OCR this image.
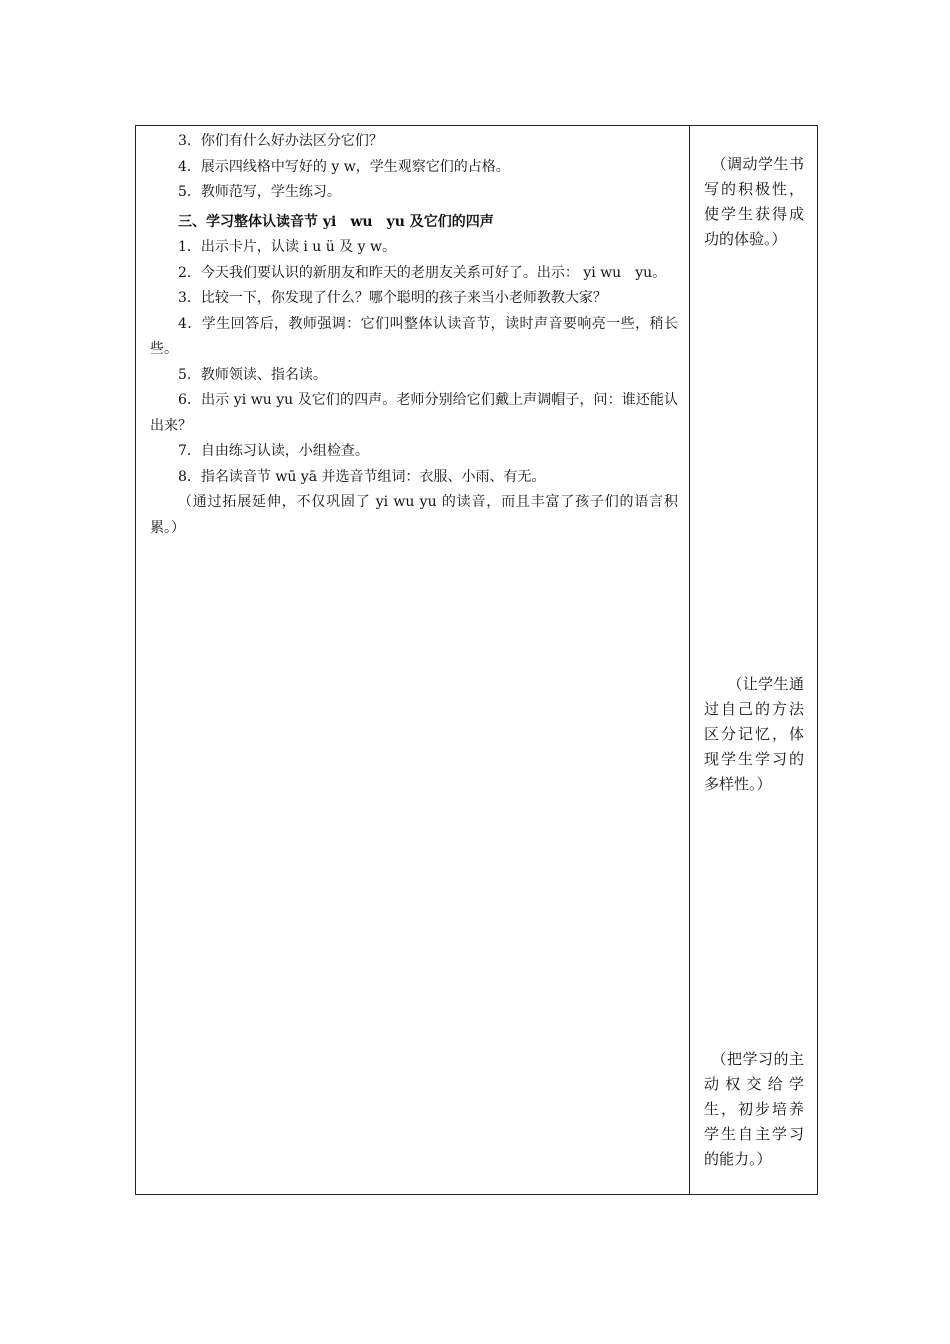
3．你们有什么好办法区分它们？

4．展示四线格中写好的 y w，学生观察它们的占格。

5．教师范写，学生练习。

三、学习整体认读音节 yi　wu　yu 及它们的四声

1．出示卡片，认读 i u ü 及 y w。

2．今天我们要认识的新朋友和昨天的老朋友关系可好了。出示： yi wu　yu。

3．比较一下，你发现了什么？哪个聪明的孩子来当小老师教教大家？

4．学生回答后，教师强调：它们叫整体认读音节，读时声音要响亮一些，稍长些。

5．教师领读、指名读。

6．出示 yi wu yu 及它们的四声。老师分别给它们戴上声调帽子，问：谁还能认出来？

7．自由练习认读，小组检查。

8．指名读音节 wū yā 并选音节组词：衣服、小雨、有无。

（通过拓展延伸，不仅巩固了 yi wu yu 的读音，而且丰富了孩子们的语言积累。）

（调动学生书写的积极性，使学生获得成功的体验。）
　　（让学生通过自己的方法区分记忆，体现学生学习的多样性。）
（把学习的主动权交给学生，初步培养学生自主学习的能力。）
